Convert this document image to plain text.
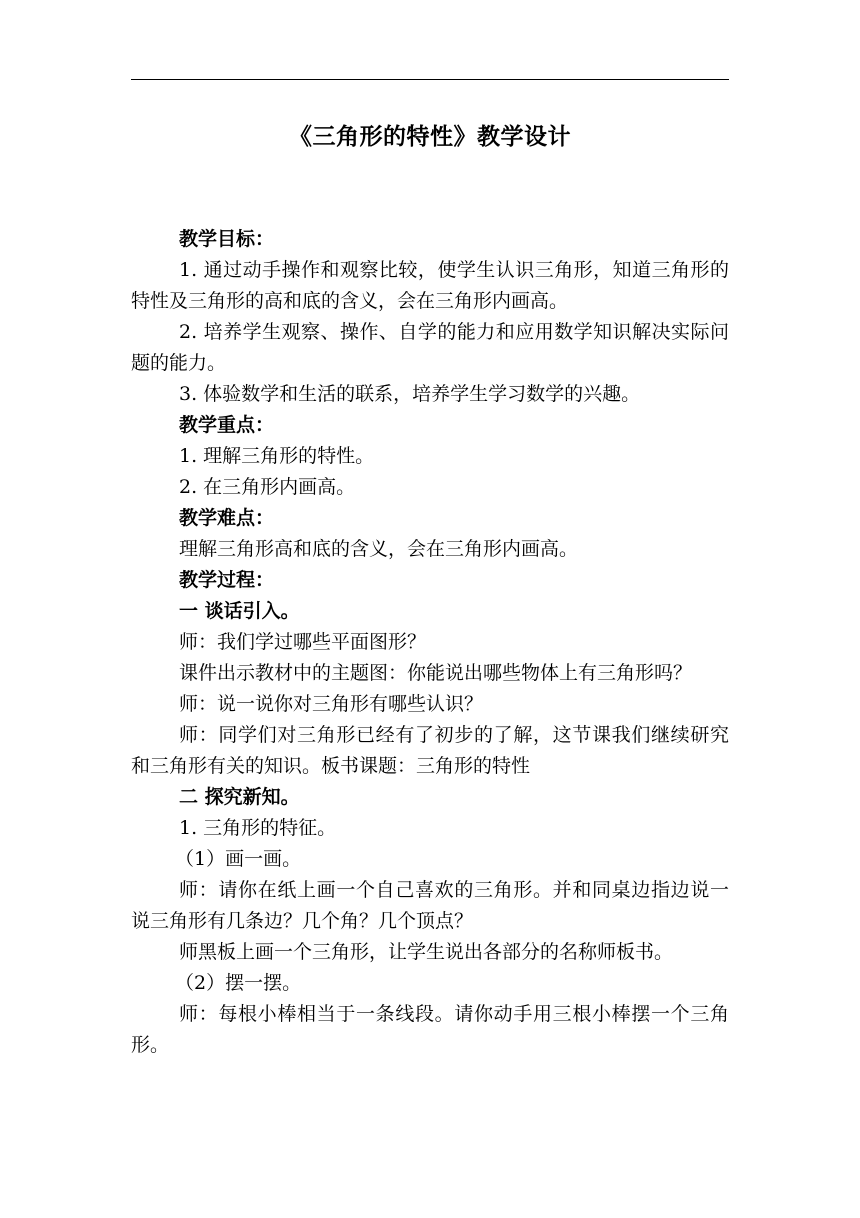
《三角形的特性》教学设计

教学目标：

1. 通过动手操作和观察比较，使学生认识三角形，知道三角形的特性及三角形的高和底的含义，会在三角形内画高。

2. 培养学生观察、操作、自学的能力和应用数学知识解决实际问题的能力。

3. 体验数学和生活的联系，培养学生学习数学的兴趣。

教学重点：

1. 理解三角形的特性。

2. 在三角形内画高。

教学难点：

理解三角形高和底的含义，会在三角形内画高。

教学过程：

一 谈话引入。

师：我们学过哪些平面图形？

课件出示教材中的主题图：你能说出哪些物体上有三角形吗？

师：说一说你对三角形有哪些认识？

师：同学们对三角形已经有了初步的了解，这节课我们继续研究和三角形有关的知识。板书课题：三角形的特性

二 探究新知。

1. 三角形的特征。

（1）画一画。

师：请你在纸上画一个自己喜欢的三角形。并和同桌边指边说一说三角形有几条边？几个角？几个顶点？

师黑板上画一个三角形，让学生说出各部分的名称师板书。

（2）摆一摆。

师：每根小棒相当于一条线段。请你动手用三根小棒摆一个三角形。
